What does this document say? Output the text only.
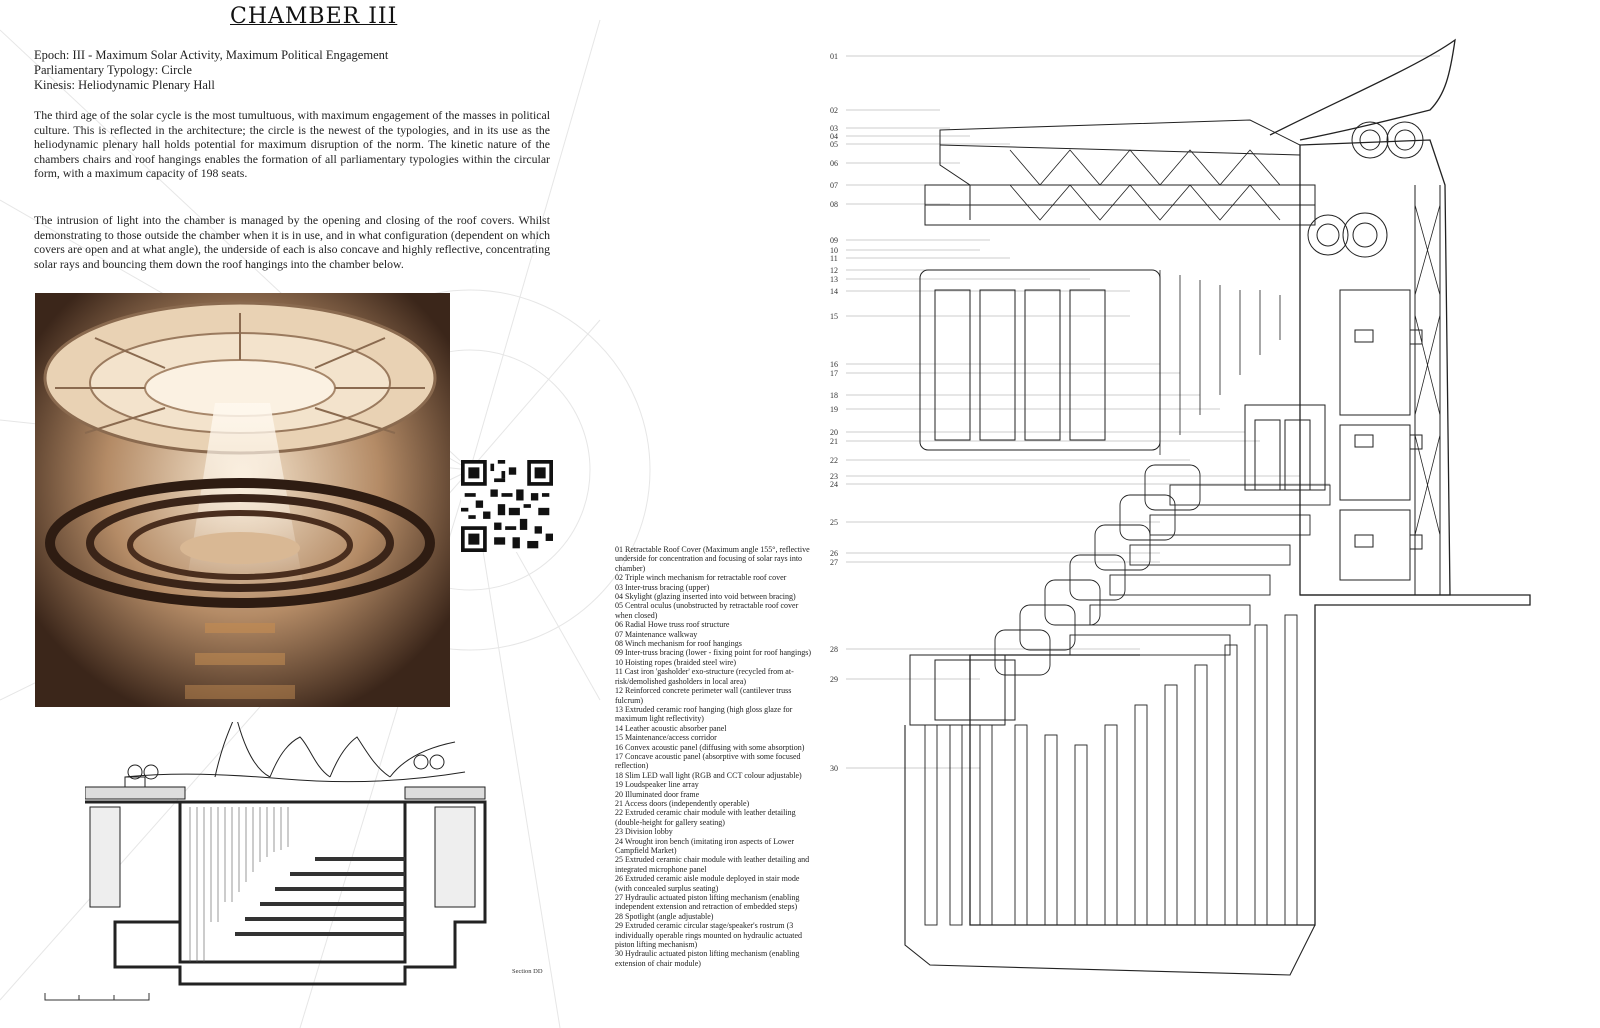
CHAMBER III
Epoch: III - Maximum Solar Activity, Maximum Political Engagement
Parliamentary Typology: Circle
Kinesis: Heliodynamic Plenary Hall
The third age of the solar cycle is the most tumultuous, with maximum engagement of the masses in political culture. This is reflected in the architecture; the circle is the newest of the typologies, and in its use as the heliodynamic plenary hall holds potential for maximum disruption of the norm. The kinetic nature of the chambers chairs and roof hangings enables the formation of all parliamentary typologies within the circular form, with a maximum capacity of 198 seats.
The intrusion of light into the chamber is managed by the opening and closing of the roof covers. Whilst demonstrating to those outside the chamber when it is in use, and in what configuration (dependent on which covers are open and at what angle), the underside of each is also concave and highly reflective, concentrating solar rays and bouncing them down the roof hangings into the chamber below.
Section DD
01 Retractable Roof Cover (Maximum angle 155°, reflective underside for concentration and focusing of solar rays into chamber)
02 Triple winch mechanism for retractable roof cover
03 Inter-truss bracing (upper)
04 Skylight (glazing inserted into void between bracing)
05 Central oculus (unobstructed by retractable roof cover when closed)
06 Radial Howe truss roof structure
07 Maintenance walkway
08 Winch mechanism for roof hangings
09 Inter-truss bracing (lower - fixing point for roof hangings)
10 Hoisting ropes (braided steel wire)
11 Cast iron 'gasholder' exo-structure (recycled from at-risk/demolished gasholders in local area)
12 Reinforced concrete perimeter wall (cantilever truss fulcrum)
13 Extruded ceramic roof hanging (high gloss glaze for maximum light reflectivity)
14 Leather acoustic absorber panel
15 Maintenance/access corridor
16 Convex acoustic panel (diffusing with some absorption)
17 Concave acoustic panel (absorptive with some focused reflection)
18 Slim LED wall light (RGB and CCT colour adjustable)
19 Loudspeaker line array
20 Illuminated door frame
21 Access doors (independently operable)
22 Extruded ceramic chair module with leather detailing (double-height for gallery seating)
23 Division lobby
24 Wrought iron bench (imitating iron aspects of Lower Campfield Market)
25 Extruded ceramic chair module with leather detailing and integrated microphone panel
26 Extruded ceramic aisle module deployed in stair mode (with concealed surplus seating)
27 Hydraulic actuated piston lifting mechanism (enabling independent extension and retraction of embedded steps)
28 Spotlight (angle adjustable)
29 Extruded ceramic circular stage/speaker's rostrum (3 individually operable rings mounted on hydraulic actuated piston lifting mechanism)
30 Hydraulic actuated piston lifting mechanism (enabling extension of chair module)
01
02
03
04
05
06
07
08
09
10
11
12
13
14
15
16
17
18
19
20
21
22
23
24
25
26
27
28
29
30
